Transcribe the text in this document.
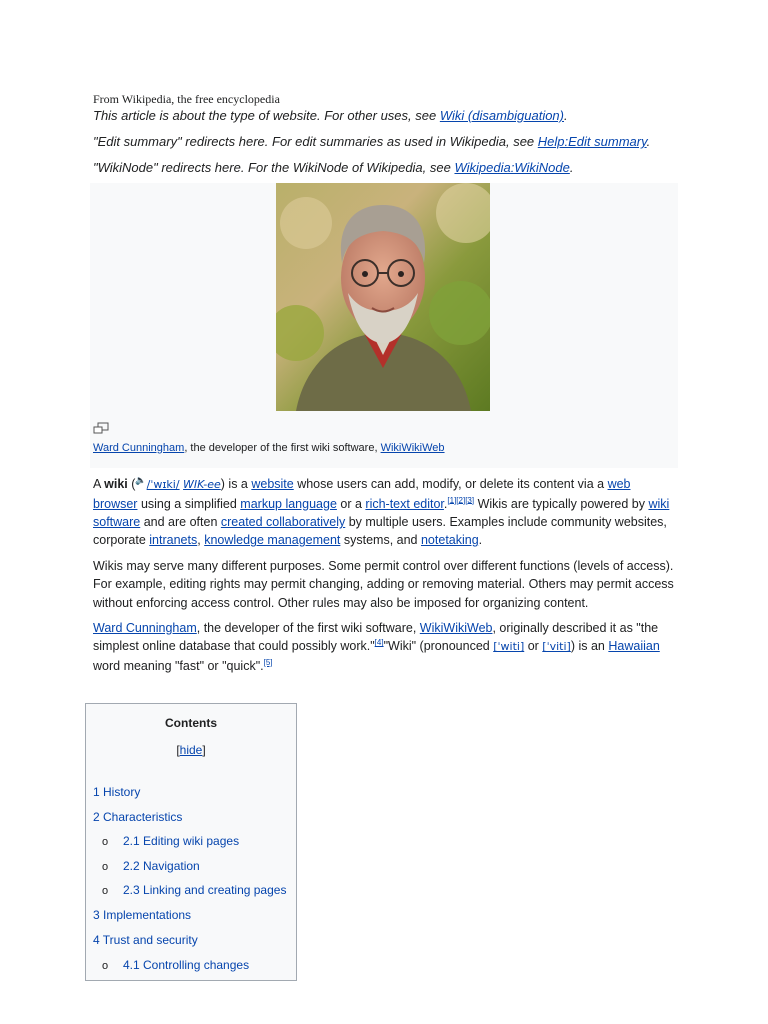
From Wikipedia, the free encyclopedia
This article is about the type of website. For other uses, see Wiki (disambiguation).
"Edit summary" redirects here. For edit summaries as used in Wikipedia, see Help:Edit summary.
"WikiNode" redirects here. For the WikiNode of Wikipedia, see Wikipedia:WikiNode.
Ward Cunningham, the developer of the first wiki software, WikiWikiWeb

A wiki (🔈/ˈwɪki/ WIK-ee) is a website whose users can add, modify, or delete its content via a web browser using a simplified markup language or a rich-text editor.[1][2][3] Wikis are typically powered by wiki software and are often created collaboratively by multiple users. Examples include community websites, corporate intranets, knowledge management systems, and notetaking.

Wikis may serve many different purposes. Some permit control over different functions (levels of access). For example, editing rights may permit changing, adding or removing material. Others may permit access without enforcing access control. Other rules may also be imposed for organizing content.

Ward Cunningham, the developer of the first wiki software, WikiWikiWeb, originally described it as "the simplest online database that could possibly work."[4]"Wiki" (pronounced [ˈwiti] or [ˈviti]) is an Hawaiian word meaning "fast" or "quick".[5]

Contents
[hide]
1 History
2 Characteristics
o 2.1 Editing wiki pages
o 2.2 Navigation
o 2.3 Linking and creating pages
3 Implementations
4 Trust and security
o 4.1 Controlling changes
